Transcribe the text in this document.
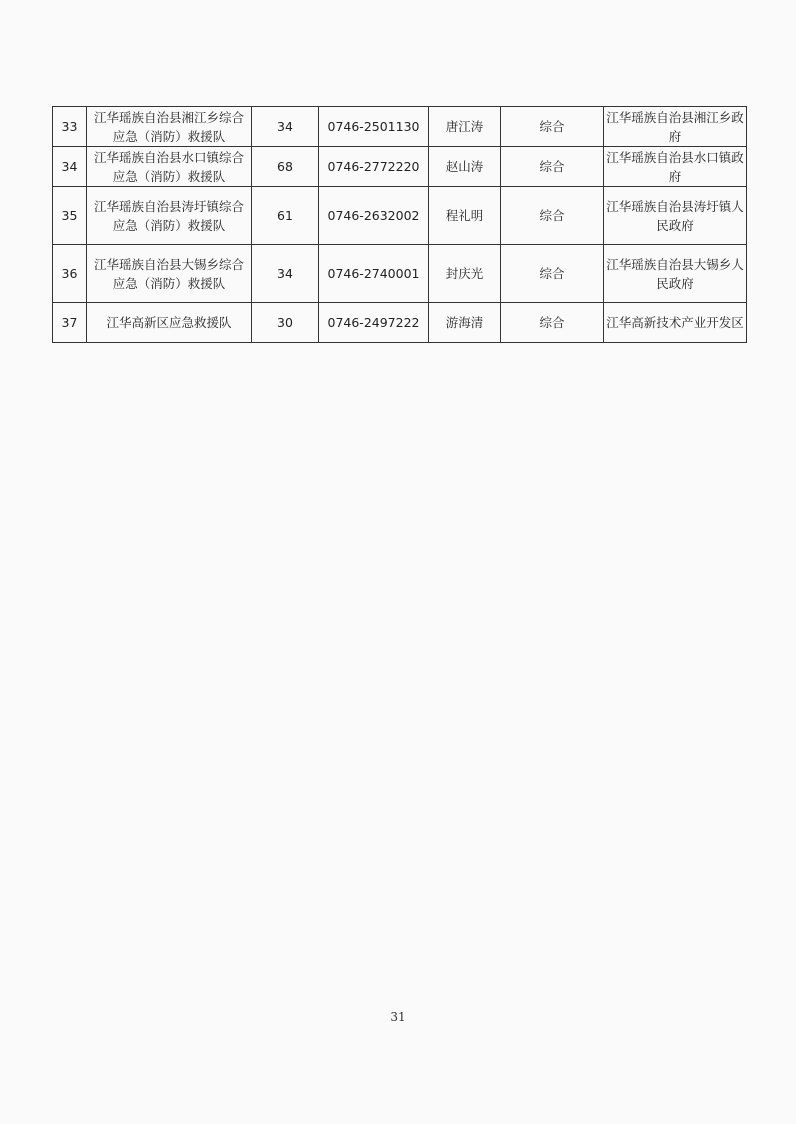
33	江华瑶族自治县湘江乡综合应急（消防）救援队	34	0746-2501130	唐江涛	综合	江华瑶族自治县湘江乡政府
34	江华瑶族自治县水口镇综合应急（消防）救援队	68	0746-2772220	赵山涛	综合	江华瑶族自治县水口镇政府
35	江华瑶族自治县涛圩镇综合应急（消防）救援队	61	0746-2632002	程礼明	综合	江华瑶族自治县涛圩镇人民政府
36	江华瑶族自治县大锡乡综合应急（消防）救援队	34	0746-2740001	封庆光	综合	江华瑶族自治县大锡乡人民政府
37	江华高新区应急救援队	30	0746-2497222	游海清	综合	江华高新技术产业开发区
31
